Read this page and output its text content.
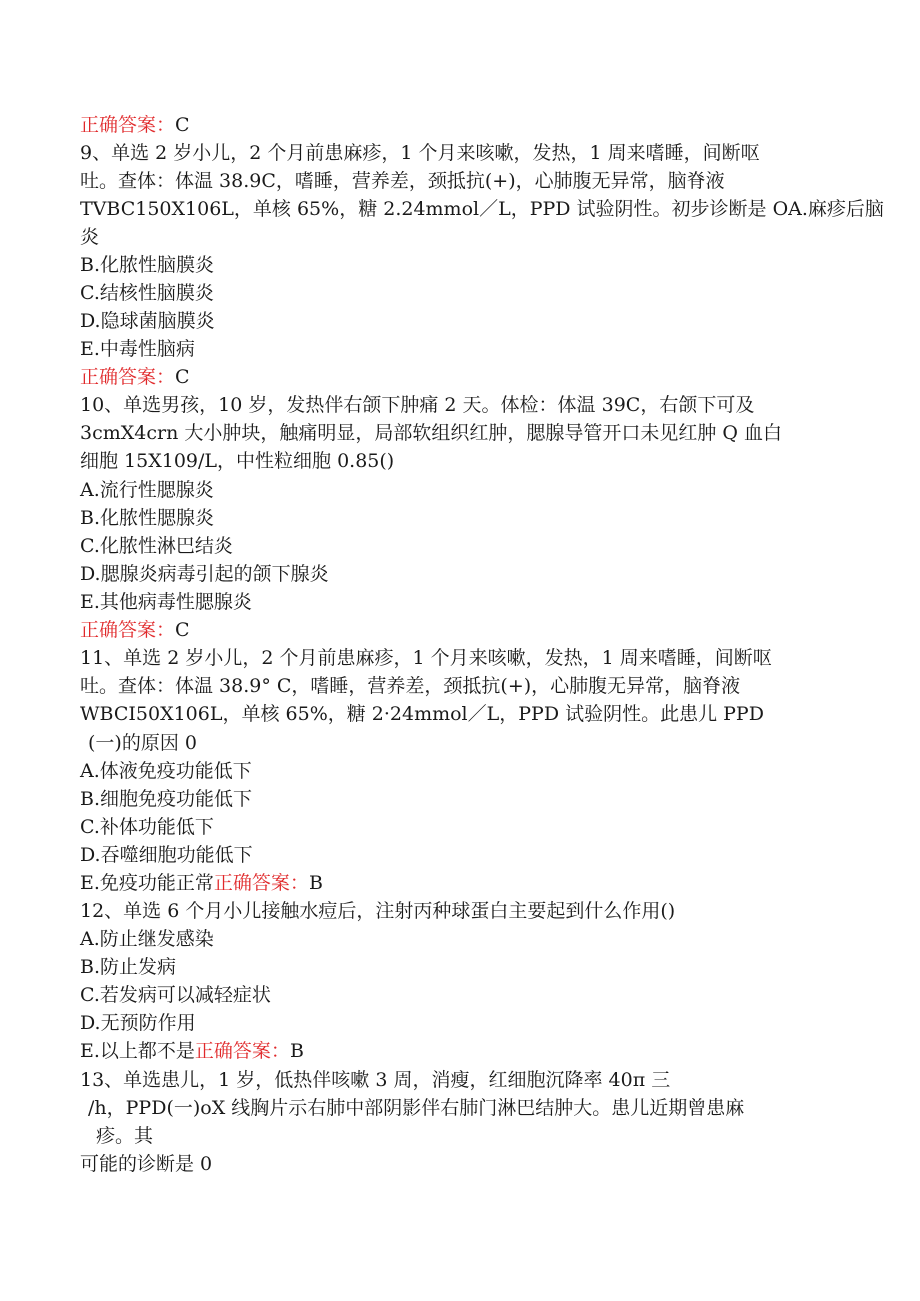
正确答案：C
9、单选 2 岁小儿，2 个月前患麻疹，1 个月来咳嗽，发热，1 周来嗜睡，间断呕
吐。查体：体温 38.9C，嗜睡，营养差，颈抵抗(+)，心肺腹无异常，脑脊液
TVBC150X106L，单核 65%，糖 2.24mmol／L，PPD 试验阴性。初步诊断是 OA.麻疹后脑
炎
B.化脓性脑膜炎
C.结核性脑膜炎
D.隐球菌脑膜炎
E.中毒性脑病
正确答案：C
10、单选男孩，10 岁，发热伴右颌下肿痛 2 天。体检：体温 39C，右颌下可及
3cmX4crn 大小肿块，触痛明显，局部软组织红肿，腮腺导管开口未见红肿 Q 血白
细胞 15X109/L，中性粒细胞 0.85()
A.流行性腮腺炎
B.化脓性腮腺炎
C.化脓性淋巴结炎
D.腮腺炎病毒引起的颌下腺炎
E.其他病毒性腮腺炎
正确答案：C
11、单选 2 岁小儿，2 个月前患麻疹，1 个月来咳嗽，发热，1 周来嗜睡，间断呕
吐。查体：体温 38.9° C，嗜睡，营养差，颈抵抗(+)，心肺腹无异常，脑脊液
WBCI50X106L，单核 65%，糖 2·24mmol／L，PPD 试验阴性。此患儿 PPD
(一)的原因 0
A.体液免疫功能低下
B.细胞免疫功能低下
C.补体功能低下
D.吞噬细胞功能低下
E.免疫功能正常正确答案：B
12、单选 6 个月小儿接触水痘后，注射丙种球蛋白主要起到什么作用()
A.防止继发感染
B.防止发病
C.若发病可以减轻症状
D.无预防作用
E.以上都不是正确答案：B
13、单选患儿，1 岁，低热伴咳嗽 3 周，消瘦，红细胞沉降率 40π 三
/h，PPD(一)oX 线胸片示右肺中部阴影伴右肺门淋巴结肿大。患儿近期曾患麻
疹。其
可能的诊断是 0
